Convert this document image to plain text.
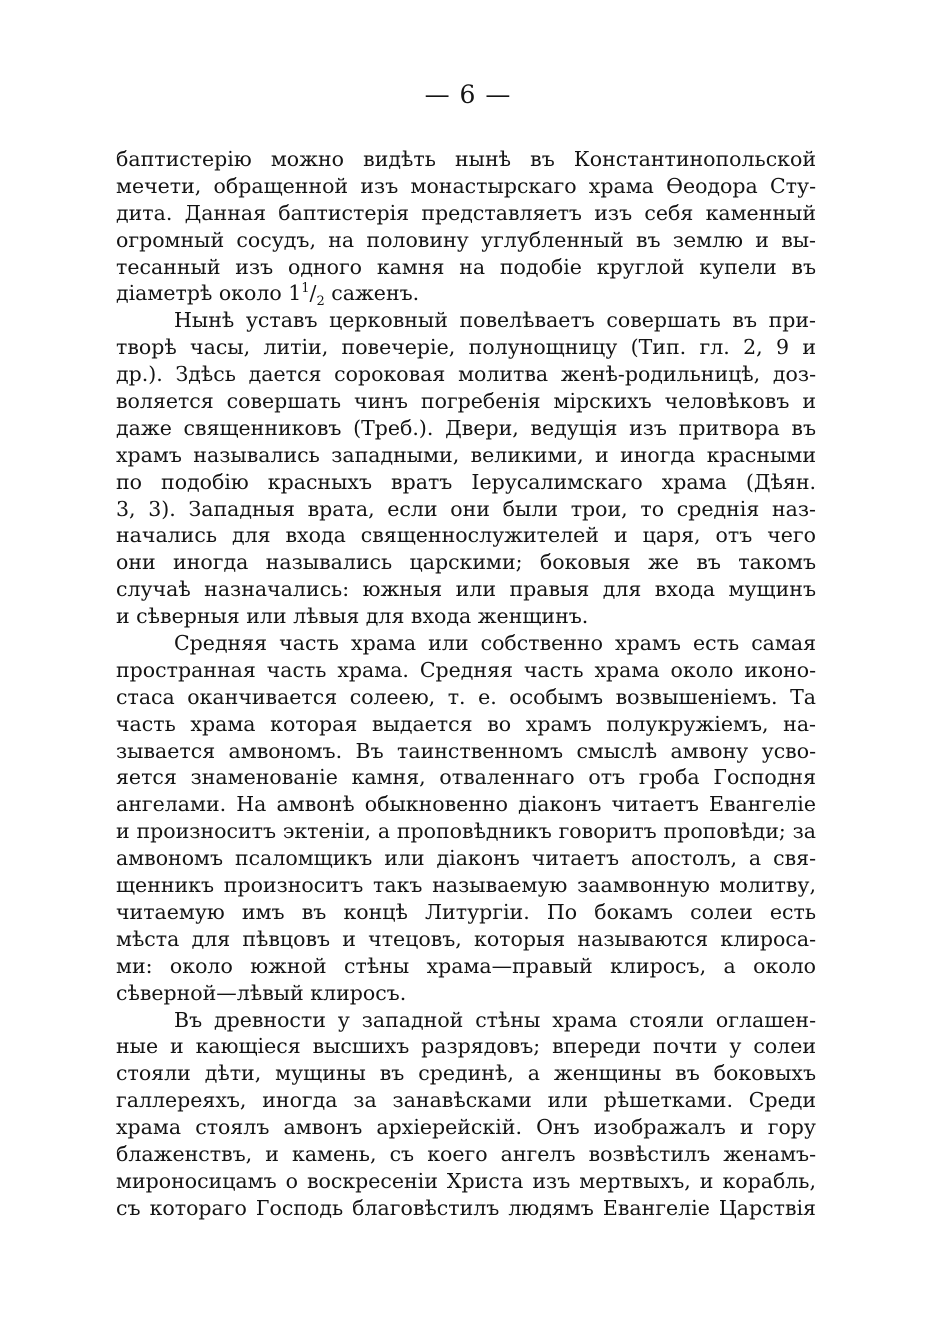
— 6 —
баптистерію можно видѣть нынѣ въ Константинопольской
мечети, обращенной изъ монастырскаго храма Ѳеодора Сту-
дита. Данная баптистерія представляетъ изъ себя каменный
огромный сосудъ, на половину углубленный въ землю и вы-
тесанный изъ одного камня на подобіе круглой купели въ
діаметрѣ около $1^1/_2$ саженъ.
Нынѣ уставъ церковный повелѣваетъ совершать въ при-
творѣ часы, литіи, повечеріе, полунощницу (Тип. гл. 2, 9 и
др.). Здѣсь дается сороковая молитва женѣ-родильницѣ, доз-
воляется совершать чинъ погребенія мірскихъ человѣковъ и
даже священниковъ (Треб.). Двери, ведущія изъ притвора въ
храмъ назывались западными, великими, и иногда красными
по подобію красныхъ вратъ Іерусалимскаго храма (Дѣян.
3, 3). Западныя врата, если они были трои, то среднія наз-
начались для входа священнослужителей и царя, отъ чего
они иногда назывались царскими; боковыя же въ такомъ
случаѣ назначались: южныя или правыя для входа мущинъ
и сѣверныя или лѣвыя для входа женщинъ.
Средняя часть храма или собственно храмъ есть самая
пространная часть храма. Средняя часть храма около иконо-
стаса оканчивается солеею, т. е. особымъ возвышеніемъ. Та
часть храма которая выдается во храмъ полукружіемъ, на-
зывается амвономъ. Въ таинственномъ смыслѣ амвону усво-
яется знаменованіе камня, отваленнаго отъ гроба Господня
ангелами. На амвонѣ обыкновенно діаконъ читаетъ Евангеліе
и произноситъ эктеніи, а проповѣдникъ говоритъ проповѣди; за
амвономъ псаломщикъ или діаконъ читаетъ апостолъ, а свя-
щенникъ произноситъ такъ называемую заамвонную молитву,
читаемую имъ въ концѣ Литургіи. По бокамъ солеи есть
мѣста для пѣвцовъ и чтецовъ, которыя называются клироса-
ми: около южной стѣны храма—правый клиросъ, а около
сѣверной—лѣвый клиросъ.
Въ древности у западной стѣны храма стояли оглашен-
ные и кающіеся высшихъ разрядовъ; впереди почти у солеи
стояли дѣти, мущины въ срединѣ, а женщины въ боковыхъ
галлереяхъ, иногда за занавѣсками или рѣшетками. Среди
храма стоялъ амвонъ архіерейскій. Онъ изображалъ и гору
блаженствъ, и камень, съ коего ангелъ возвѣстилъ женамъ-
мироносицамъ о воскресеніи Христа изъ мертвыхъ, и корабль,
съ котораго Господь благовѣстилъ людямъ Евангеліе Царствія
